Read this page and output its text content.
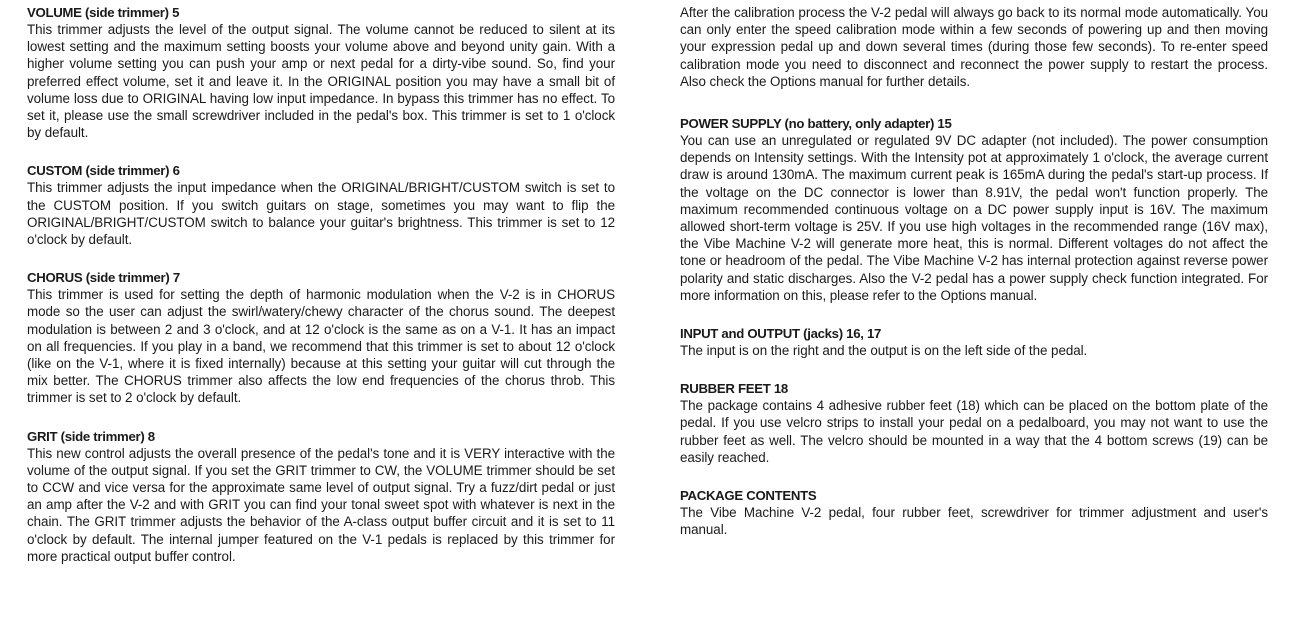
VOLUME (side trimmer) 5

This trimmer adjusts the level of the output signal. The volume cannot be reduced to silent at its lowest setting and the maximum setting boosts your volume above and beyond unity gain. With a higher volume setting you can push your amp or next pedal for a dirty-vibe sound. So, find your preferred effect volume, set it and leave it. In the ORIGINAL position you may have a small bit of volume loss due to ORIGINAL having low input impedance. In bypass this trimmer has no effect. To set it, please use the small screwdriver included in the pedal's box. This trimmer is set to 1 o'clock by default.

CUSTOM (side trimmer) 6

This trimmer adjusts the input impedance when the ORIGINAL/BRIGHT/CUSTOM switch is set to the CUSTOM position. If you switch guitars on stage, sometimes you may want to flip the ORIGINAL/BRIGHT/CUSTOM switch to balance your guitar's brightness. This trimmer is set to 12 o'clock by default.

CHORUS (side trimmer) 7

This trimmer is used for setting the depth of harmonic modulation when the V-2 is in CHORUS mode so the user can adjust the swirl/watery/chewy character of the chorus sound. The deepest modulation is between 2 and 3 o'clock, and at 12 o'clock is the same as on a V-1. It has an impact on all frequencies. If you play in a band, we recommend that this trimmer is set to about 12 o'clock (like on the V-1, where it is fixed internally) because at this setting your guitar will cut through the mix better. The CHORUS trimmer also affects the low end frequencies of the chorus throb. This trimmer is set to 2 o'clock by default.

GRIT (side trimmer) 8

This new control adjusts the overall presence of the pedal's tone and it is VERY interactive with the volume of the output signal. If you set the GRIT trimmer to CW, the VOLUME trimmer should be set to CCW and vice versa for the approximate same level of output signal. Try a fuzz/dirt pedal or just an amp after the V-2 and with GRIT you can find your tonal sweet spot with whatever is next in the chain. The GRIT trimmer adjusts the behavior of the A-class output buffer circuit and it is set to 11 o'clock by default. The internal jumper featured on the V-1 pedals is replaced by this trimmer for more practical output buffer control.

After the calibration process the V-2 pedal will always go back to its normal mode automatically. You can only enter the speed calibration mode within a few seconds of powering up and then moving your expression pedal up and down several times (during those few seconds). To re-enter speed calibration mode you need to disconnect and reconnect the power supply to restart the process. Also check the Options manual for further details.

POWER SUPPLY (no battery, only adapter) 15

You can use an unregulated or regulated 9V DC adapter (not included). The power consumption depends on Intensity settings. With the Intensity pot at approximately 1 o'clock, the average current draw is around 130mA. The maximum current peak is 165mA during the pedal's start-up process. If the voltage on the DC connector is lower than 8.91V, the pedal won't function properly. The maximum recommended continuous voltage on a DC power supply input is 16V. The maximum allowed short-term voltage is 25V. If you use high voltages in the recommended range (16V max), the Vibe Machine V-2 will generate more heat, this is normal. Different voltages do not affect the tone or headroom of the pedal. The Vibe Machine V-2 has internal protection against reverse power polarity and static discharges. Also the V-2 pedal has a power supply check function integrated. For more information on this, please refer to the Options manual.

INPUT and OUTPUT (jacks) 16, 17

The input is on the right and the output is on the left side of the pedal.

RUBBER FEET 18

The package contains 4 adhesive rubber feet (18) which can be placed on the bottom plate of the pedal. If you use velcro strips to install your pedal on a pedalboard, you may not want to use the rubber feet as well. The velcro should be mounted in a way that the 4 bottom screws (19) can be easily reached.

PACKAGE CONTENTS

The Vibe Machine V-2 pedal, four rubber feet, screwdriver for trimmer adjustment and user's manual.
